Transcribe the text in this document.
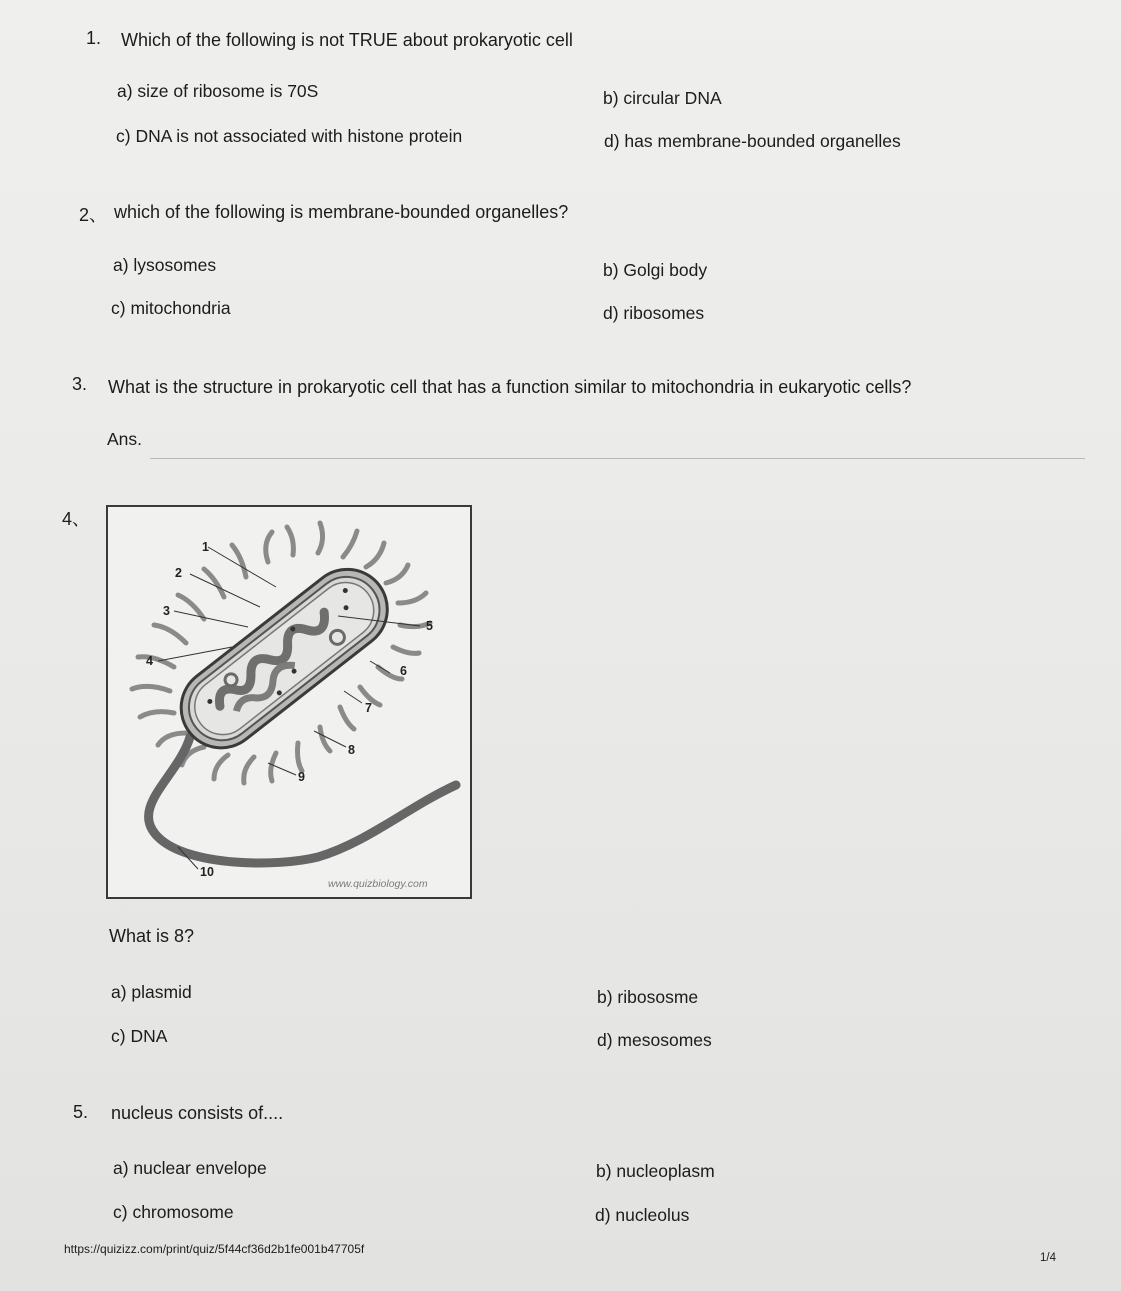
1. Which of the following is not TRUE about prokaryotic cell
a) size of ribosome is 70S	b) circular DNA
c) DNA is not associated with histone protein	d) has membrane-bounded organelles
2、 which of the following is membrane-bounded organelles?
a) lysosomes	b) Golgi body
c) mitochondria	d) ribosomes
3. What is the structure in prokaryotic cell that has a function similar to mitochondria in eukaryotic cells?
Ans.
4、
1
2
3
4
5
6
7
8
9
10
www.quizbiology.com
What is 8?
a) plasmid	b) ribososme
c) DNA	d) mesosomes
5. nucleus consists of....
a) nuclear envelope	b) nucleoplasm
c) chromosome	d) nucleolus
https://quizizz.com/print/quiz/5f44cf36d2b1fe001b47705f
1/4
